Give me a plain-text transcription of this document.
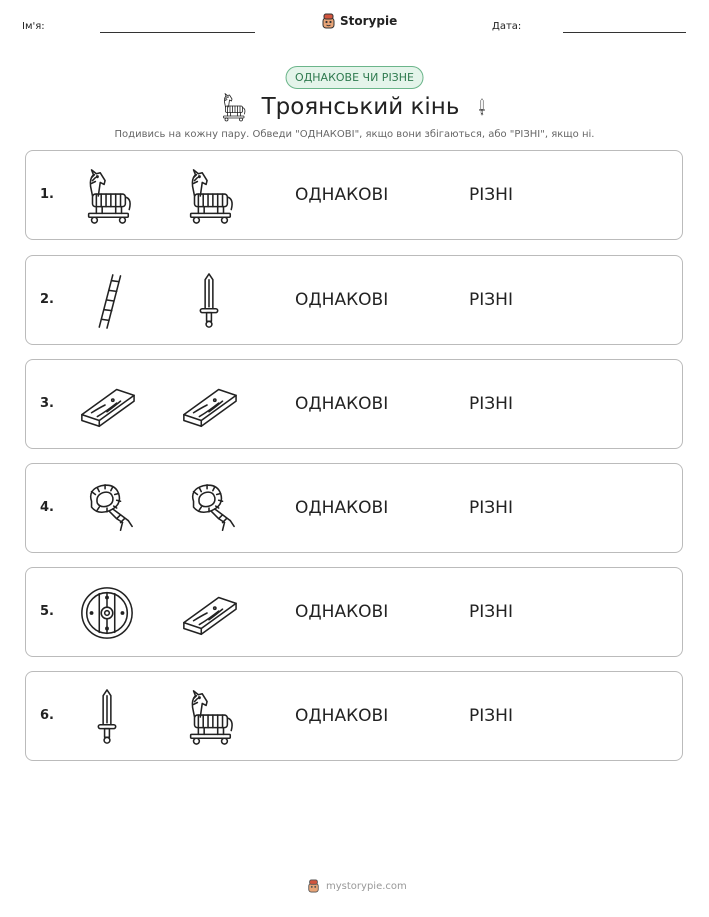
Ім'я:	Storypie	Дата:
ОДНАКОВЕ ЧИ РІЗНЕ
Троянський кінь
Подивись на кожну пару. Обведи "ОДНАКОВІ", якщо вони збігаються, або "РІЗНІ", якщо ні.
1.	ОДНАКОВІ	РІЗНІ
2.	ОДНАКОВІ	РІЗНІ
3.	ОДНАКОВІ	РІЗНІ
4.	ОДНАКОВІ	РІЗНІ
5.	ОДНАКОВІ	РІЗНІ
6.	ОДНАКОВІ	РІЗНІ
mystorypie.com
